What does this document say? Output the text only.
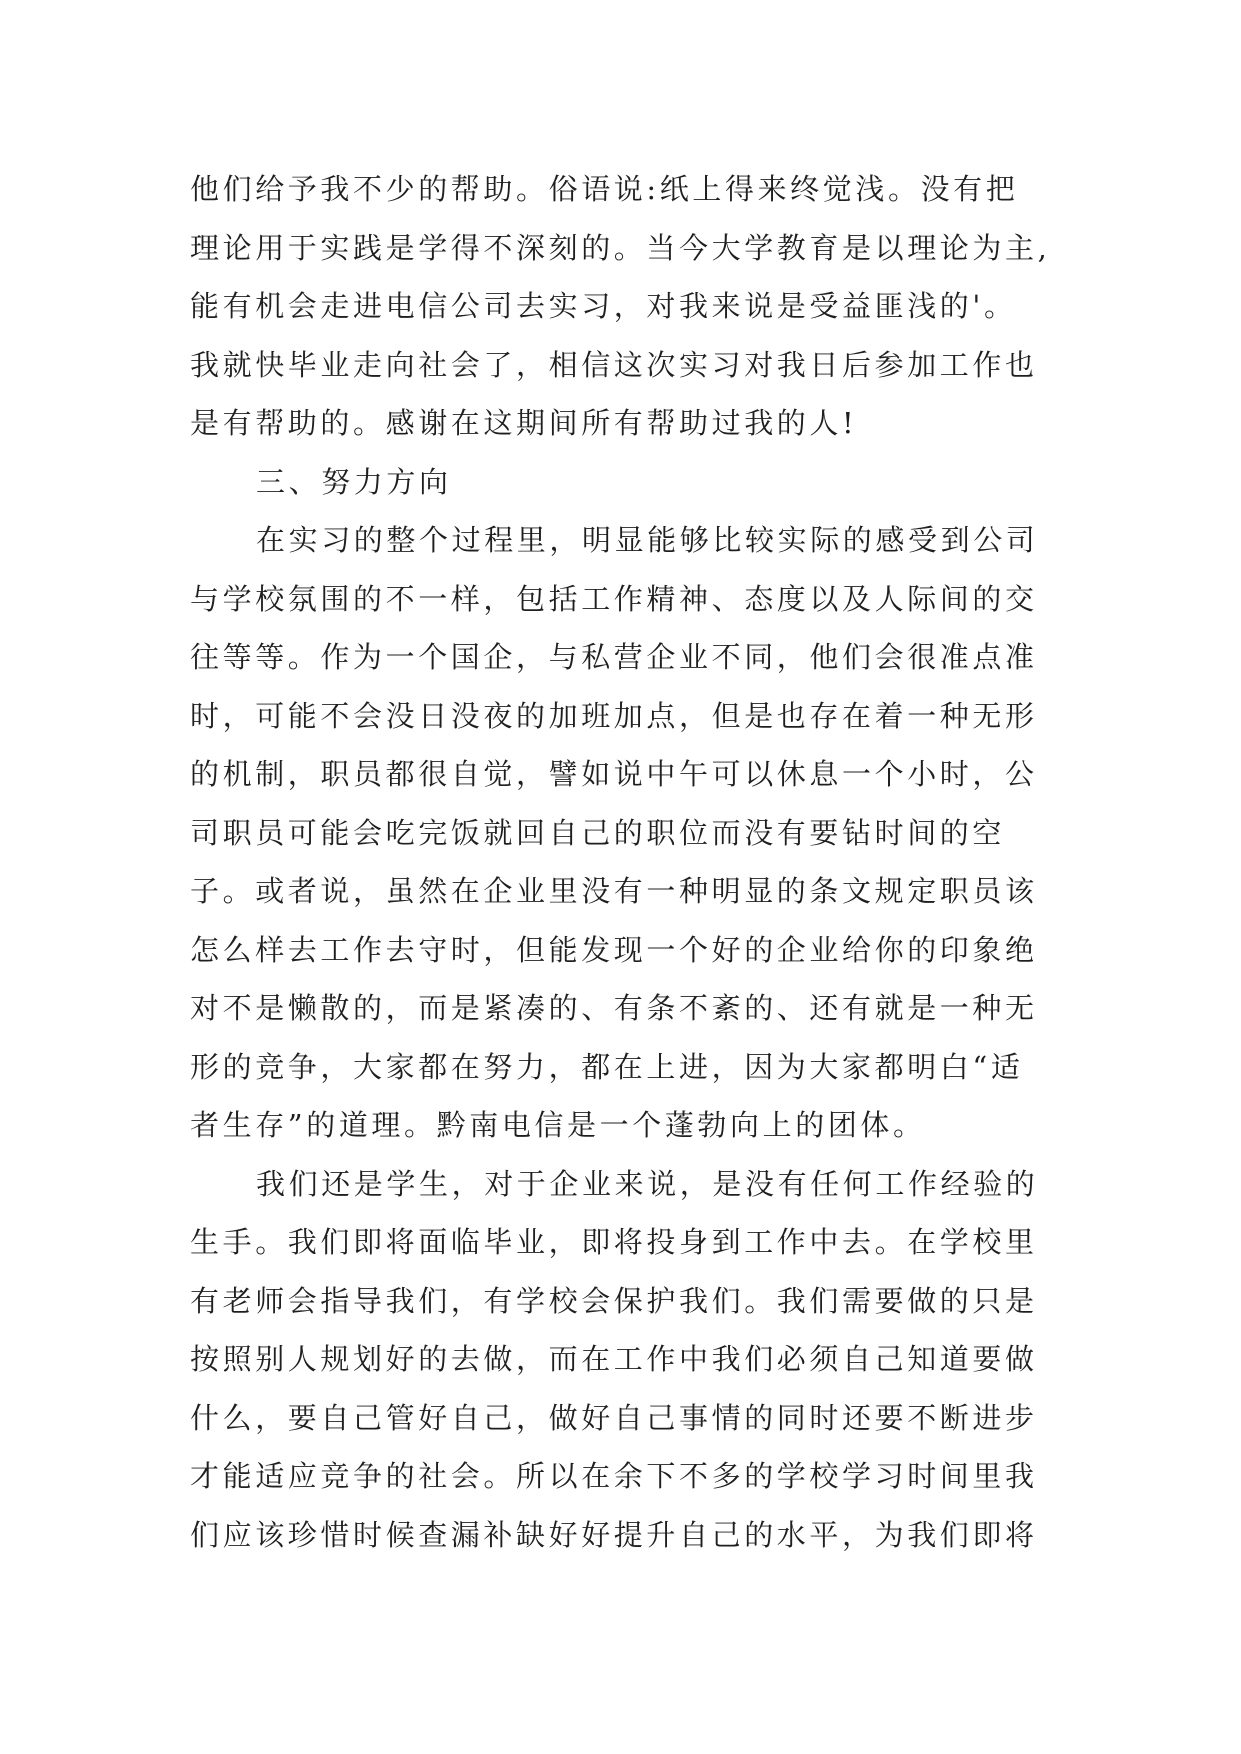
他们给予我不少的帮助。俗语说:纸上得来终觉浅。没有把
理论用于实践是学得不深刻的。当今大学教育是以理论为主,
能有机会走进电信公司去实习，对我来说是受益匪浅的'。
我就快毕业走向社会了，相信这次实习对我日后参加工作也
是有帮助的。感谢在这期间所有帮助过我的人!
三、努力方向
在实习的整个过程里，明显能够比较实际的感受到公司
与学校氛围的不一样，包括工作精神、态度以及人际间的交
往等等。作为一个国企，与私营企业不同，他们会很准点准
时，可能不会没日没夜的加班加点，但是也存在着一种无形
的机制，职员都很自觉，譬如说中午可以休息一个小时，公
司职员可能会吃完饭就回自己的职位而没有要钻时间的空
子。或者说，虽然在企业里没有一种明显的条文规定职员该
怎么样去工作去守时，但能发现一个好的企业给你的印象绝
对不是懒散的，而是紧凑的、有条不紊的、还有就是一种无
形的竞争，大家都在努力，都在上进，因为大家都明白“适
者生存”的道理。黔南电信是一个蓬勃向上的团体。
我们还是学生，对于企业来说，是没有任何工作经验的
生手。我们即将面临毕业，即将投身到工作中去。在学校里
有老师会指导我们，有学校会保护我们。我们需要做的只是
按照别人规划好的去做，而在工作中我们必须自己知道要做
什么，要自己管好自己，做好自己事情的同时还要不断进步
才能适应竞争的社会。所以在余下不多的学校学习时间里我
们应该珍惜时候查漏补缺好好提升自己的水平，为我们即将
